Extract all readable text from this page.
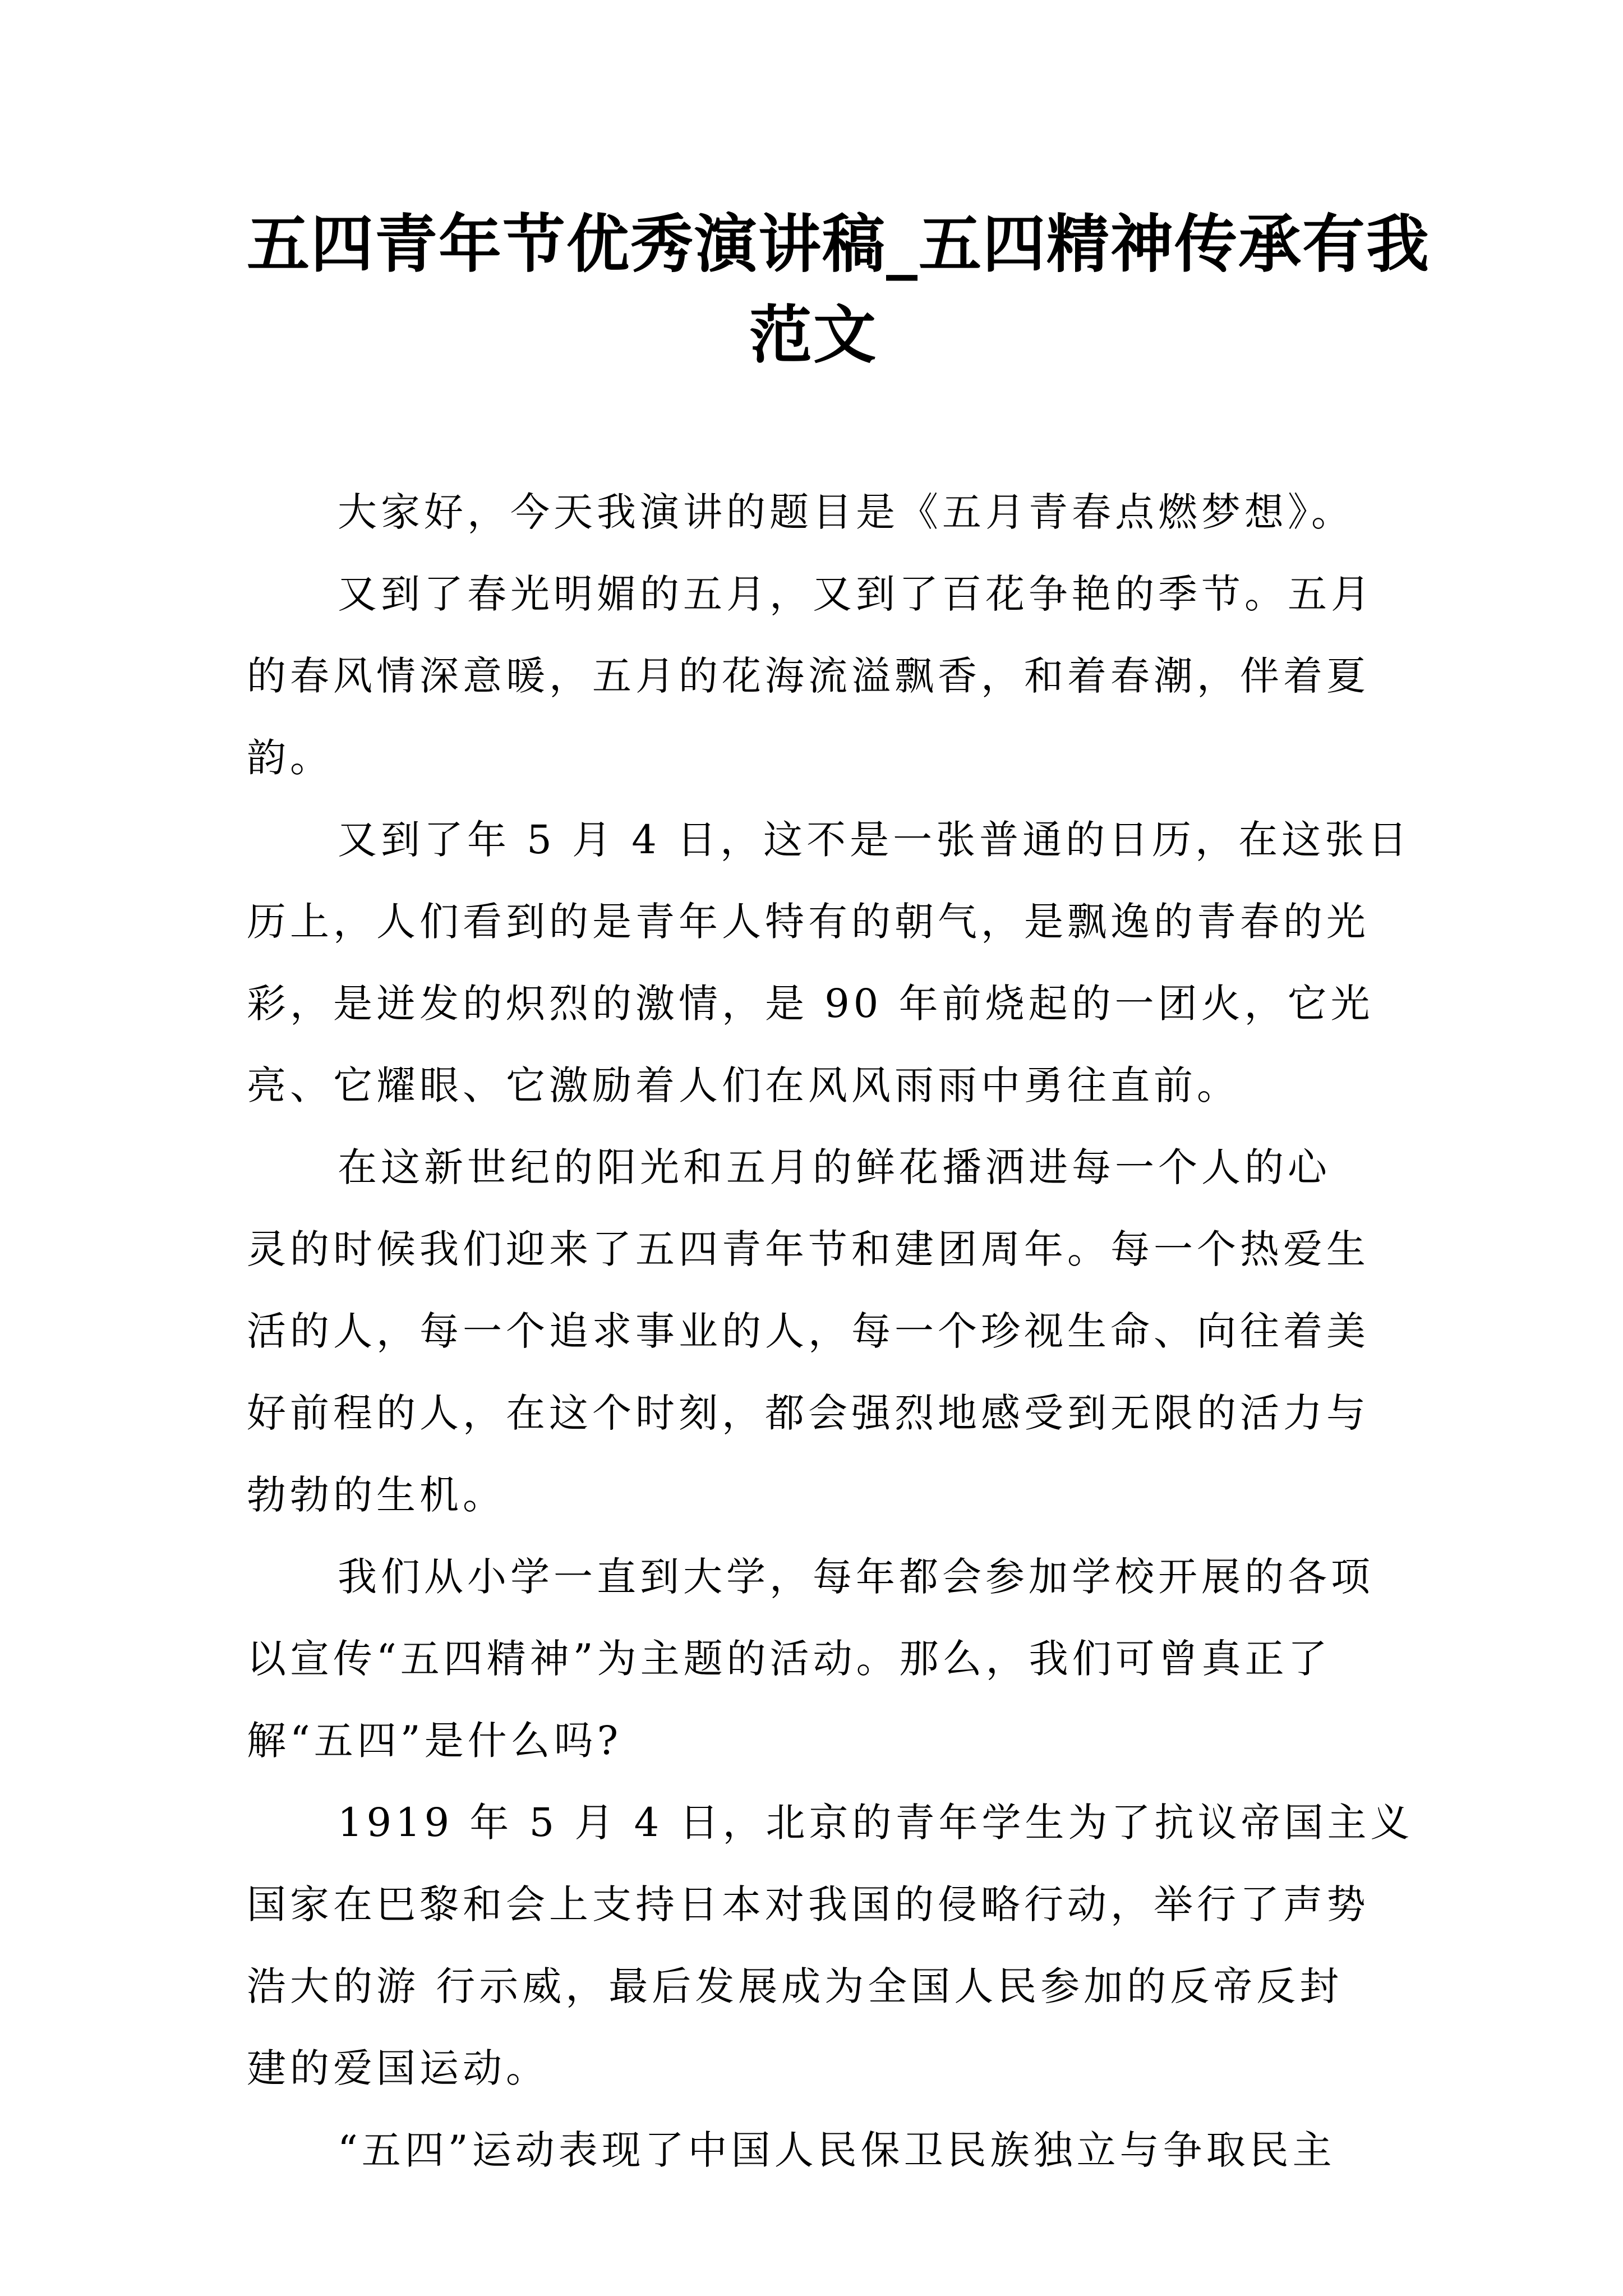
五四青年节优秀演讲稿_五四精神传承有我
范文
大家好，今天我演讲的题目是《五月青春点燃梦想》。
又到了春光明媚的五月，又到了百花争艳的季节。五月
的春风情深意暖，五月的花海流溢飘香，和着春潮，伴着夏
韵。
又到了年 5 月 4 日，这不是一张普通的日历，在这张日
历上，人们看到的是青年人特有的朝气，是飘逸的青春的光
彩，是迸发的炽烈的激情，是 90 年前烧起的一团火，它光
亮、它耀眼、它激励着人们在风风雨雨中勇往直前。
在这新世纪的阳光和五月的鲜花播洒进每一个人的心
灵的时候我们迎来了五四青年节和建团周年。每一个热爱生
活的人，每一个追求事业的人，每一个珍视生命、向往着美
好前程的人，在这个时刻，都会强烈地感受到无限的活力与
勃勃的生机。
我们从小学一直到大学，每年都会参加学校开展的各项
以宣传“五四精神”为主题的活动。那么，我们可曾真正了
解“五四”是什么吗?
1919 年 5 月 4 日，北京的青年学生为了抗议帝国主义
国家在巴黎和会上支持日本对我国的侵略行动，举行了声势
浩大的游 行示威，最后发展成为全国人民参加的反帝反封
建的爱国运动。
“五四”运动表现了中国人民保卫民族独立与争取民主
